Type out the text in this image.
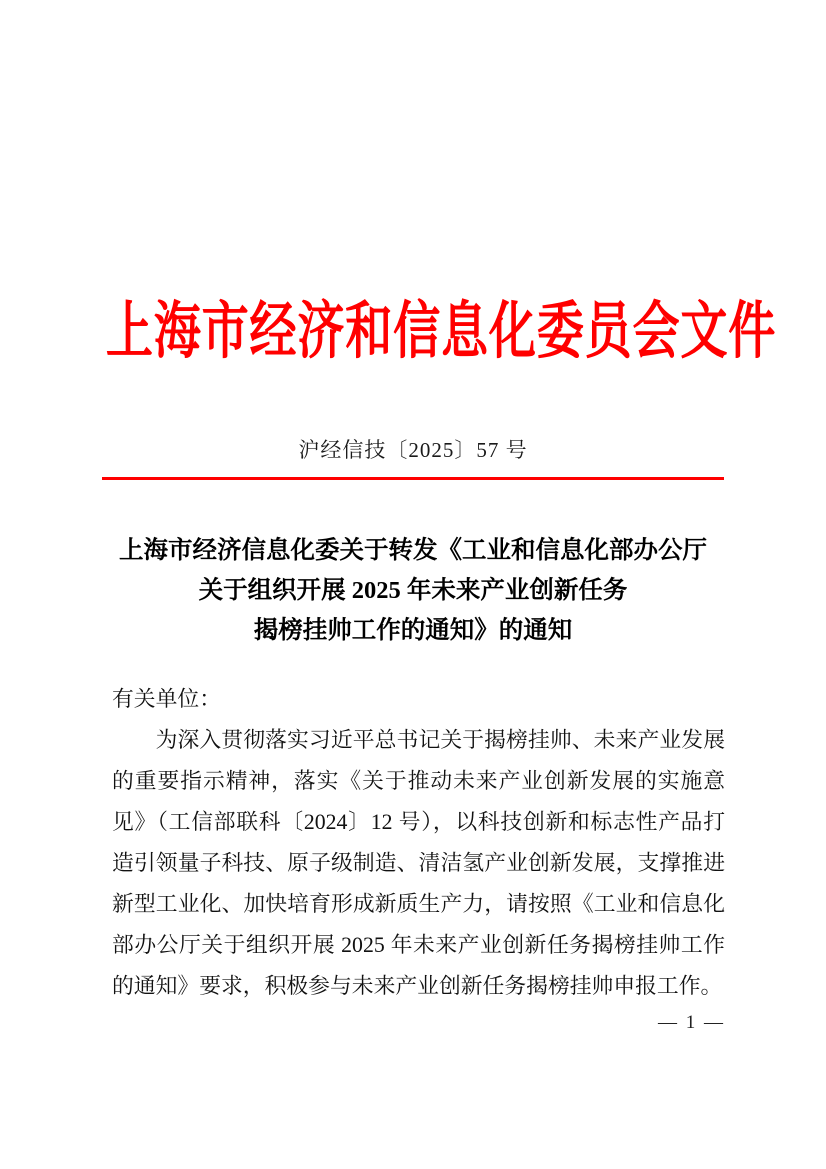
上海市经济和信息化委员会文件
沪经信技〔2025〕57 号
上海市经济信息化委关于转发《工业和信息化部办公厅
关于组织开展 2025 年未来产业创新任务
揭榜挂帅工作的通知》的通知
有关单位：

为深入贯彻落实习近平总书记关于揭榜挂帅、未来产业发展的重要指示精神，落实《关于推动未来产业创新发展的实施意见》（工信部联科〔2024〕12 号），以科技创新和标志性产品打造引领量子科技、原子级制造、清洁氢产业创新发展，支撑推进新型工业化、加快培育形成新质生产力，请按照《工业和信息化部办公厅关于组织开展 2025 年未来产业创新任务揭榜挂帅工作的通知》要求，积极参与未来产业创新任务揭榜挂帅申报工作。

— 1 —
